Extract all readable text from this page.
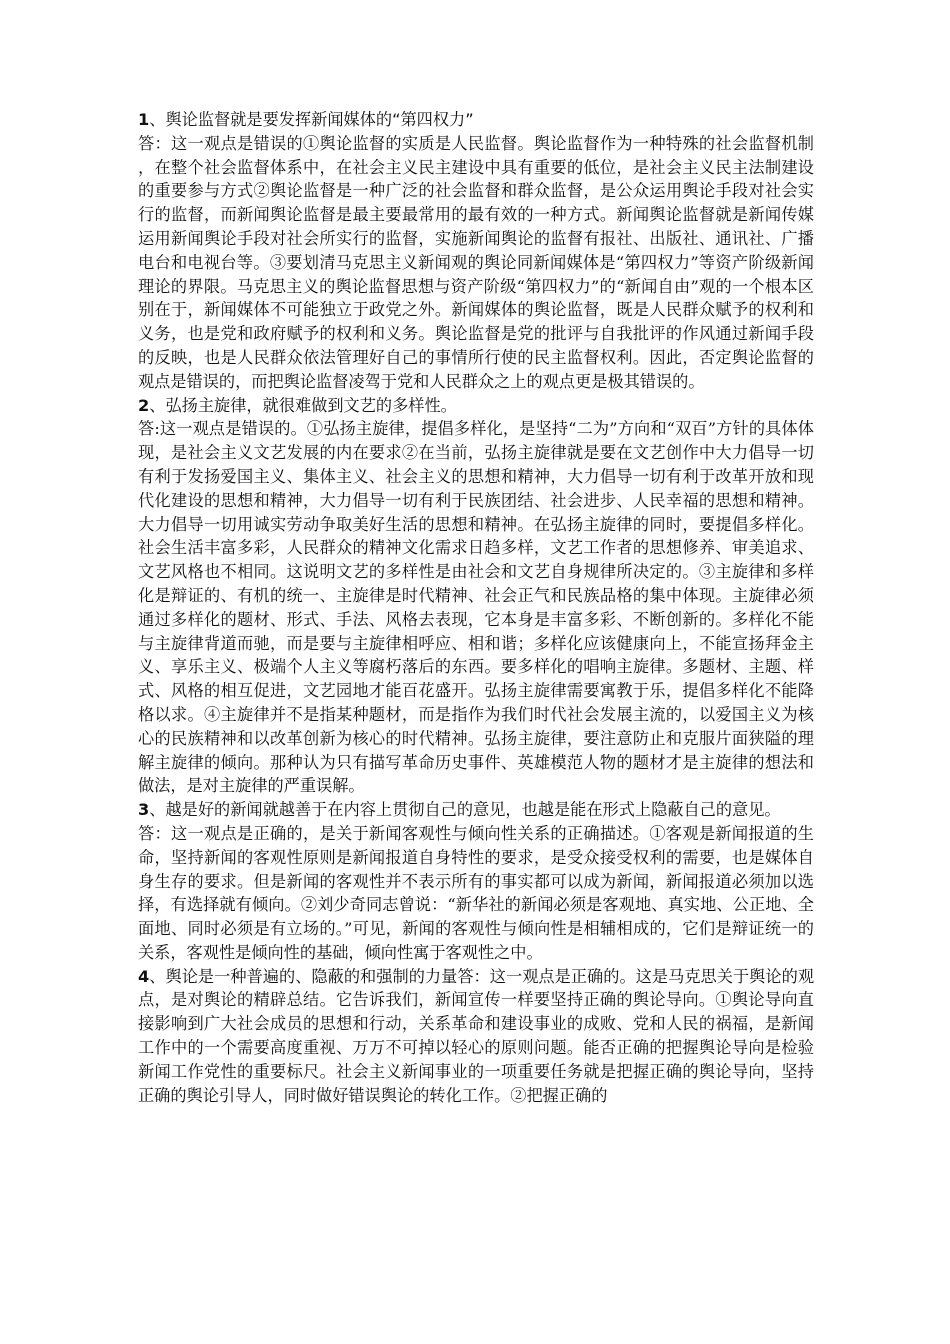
1、舆论监督就是要发挥新闻媒体的“第四权力”

答：这一观点是错误的①舆论监督的实质是人民监督。舆论监督作为一种特殊的社会监督机制，在整个社会监督体系中，在社会主义民主建设中具有重要的低位，是社会主义民主法制建设的重要参与方式②舆论监督是一种广泛的社会监督和群众监督，是公众运用舆论手段对社会实行的监督，而新闻舆论监督是最主要最常用的最有效的一种方式。新闻舆论监督就是新闻传媒运用新闻舆论手段对社会所实行的监督，实施新闻舆论的监督有报社、出版社、通讯社、广播电台和电视台等。③要划清马克思主义新闻观的舆论同新闻媒体是“第四权力”等资产阶级新闻理论的界限。马克思主义的舆论监督思想与资产阶级“第四权力”的“新闻自由”观的一个根本区别在于，新闻媒体不可能独立于政党之外。新闻媒体的舆论监督，既是人民群众赋予的权利和义务，也是党和政府赋予的权利和义务。舆论监督是党的批评与自我批评的作风通过新闻手段的反映，也是人民群众依法管理好自己的事情所行使的民主监督权利。因此，否定舆论监督的观点是错误的，而把舆论监督凌驾于党和人民群众之上的观点更是极其错误的。

2、弘扬主旋律，就很难做到文艺的多样性。

答:这一观点是错误的。①弘扬主旋律，提倡多样化，是坚持“二为”方向和“双百”方针的具体体现，是社会主义文艺发展的内在要求②在当前，弘扬主旋律就是要在文艺创作中大力倡导一切有利于发扬爱国主义、集体主义、社会主义的思想和精神，大力倡导一切有利于改革开放和现代化建设的思想和精神，大力倡导一切有利于民族团结、社会进步、人民幸福的思想和精神。大力倡导一切用诚实劳动争取美好生活的思想和精神。在弘扬主旋律的同时，要提倡多样化。社会生活丰富多彩，人民群众的精神文化需求日趋多样，文艺工作者的思想修养、审美追求、文艺风格也不相同。这说明文艺的多样性是由社会和文艺自身规律所决定的。③主旋律和多样化是辩证的、有机的统一、主旋律是时代精神、社会正气和民族品格的集中体现。主旋律必须通过多样化的题材、形式、手法、风格去表现，它本身是丰富多彩、不断创新的。多样化不能与主旋律背道而驰，而是要与主旋律相呼应、相和谐；多样化应该健康向上，不能宣扬拜金主义、享乐主义、极端个人主义等腐朽落后的东西。要多样化的唱响主旋律。多题材、主题、样式、风格的相互促进，文艺园地才能百花盛开。弘扬主旋律需要寓教于乐，提倡多样化不能降格以求。④主旋律并不是指某种题材，而是指作为我们时代社会发展主流的，以爱国主义为核心的民族精神和以改革创新为核心的时代精神。弘扬主旋律，要注意防止和克服片面狭隘的理解主旋律的倾向。那种认为只有描写革命历史事件、英雄模范人物的题材才是主旋律的想法和做法，是对主旋律的严重误解。

3、越是好的新闻就越善于在内容上贯彻自己的意见，也越是能在形式上隐蔽自己的意见。

答：这一观点是正确的，是关于新闻客观性与倾向性关系的正确描述。①客观是新闻报道的生命，坚持新闻的客观性原则是新闻报道自身特性的要求，是受众接受权利的需要，也是媒体自身生存的要求。但是新闻的客观性并不表示所有的事实都可以成为新闻，新闻报道必须加以选择，有选择就有倾向。②刘少奇同志曾说：“新华社的新闻必须是客观地、真实地、公正地、全面地、同时必须是有立场的。”可见，新闻的客观性与倾向性是相辅相成的，它们是辩证统一的关系，客观性是倾向性的基础，倾向性寓于客观性之中。

4、舆论是一种普遍的、隐蔽的和强制的力量答：这一观点是正确的。这是马克思关于舆论的观点，是对舆论的精辟总结。它告诉我们，新闻宣传一样要坚持正确的舆论导向。①舆论导向直接影响到广大社会成员的思想和行动，关系革命和建设事业的成败、党和人民的祸福，是新闻工作中的一个需要高度重视、万万不可掉以轻心的原则问题。能否正确的把握舆论导向是检验新闻工作党性的重要标尺。社会主义新闻事业的一项重要任务就是把握正确的舆论导向，坚持正确的舆论引导人，同时做好错误舆论的转化工作。②把握正确的
